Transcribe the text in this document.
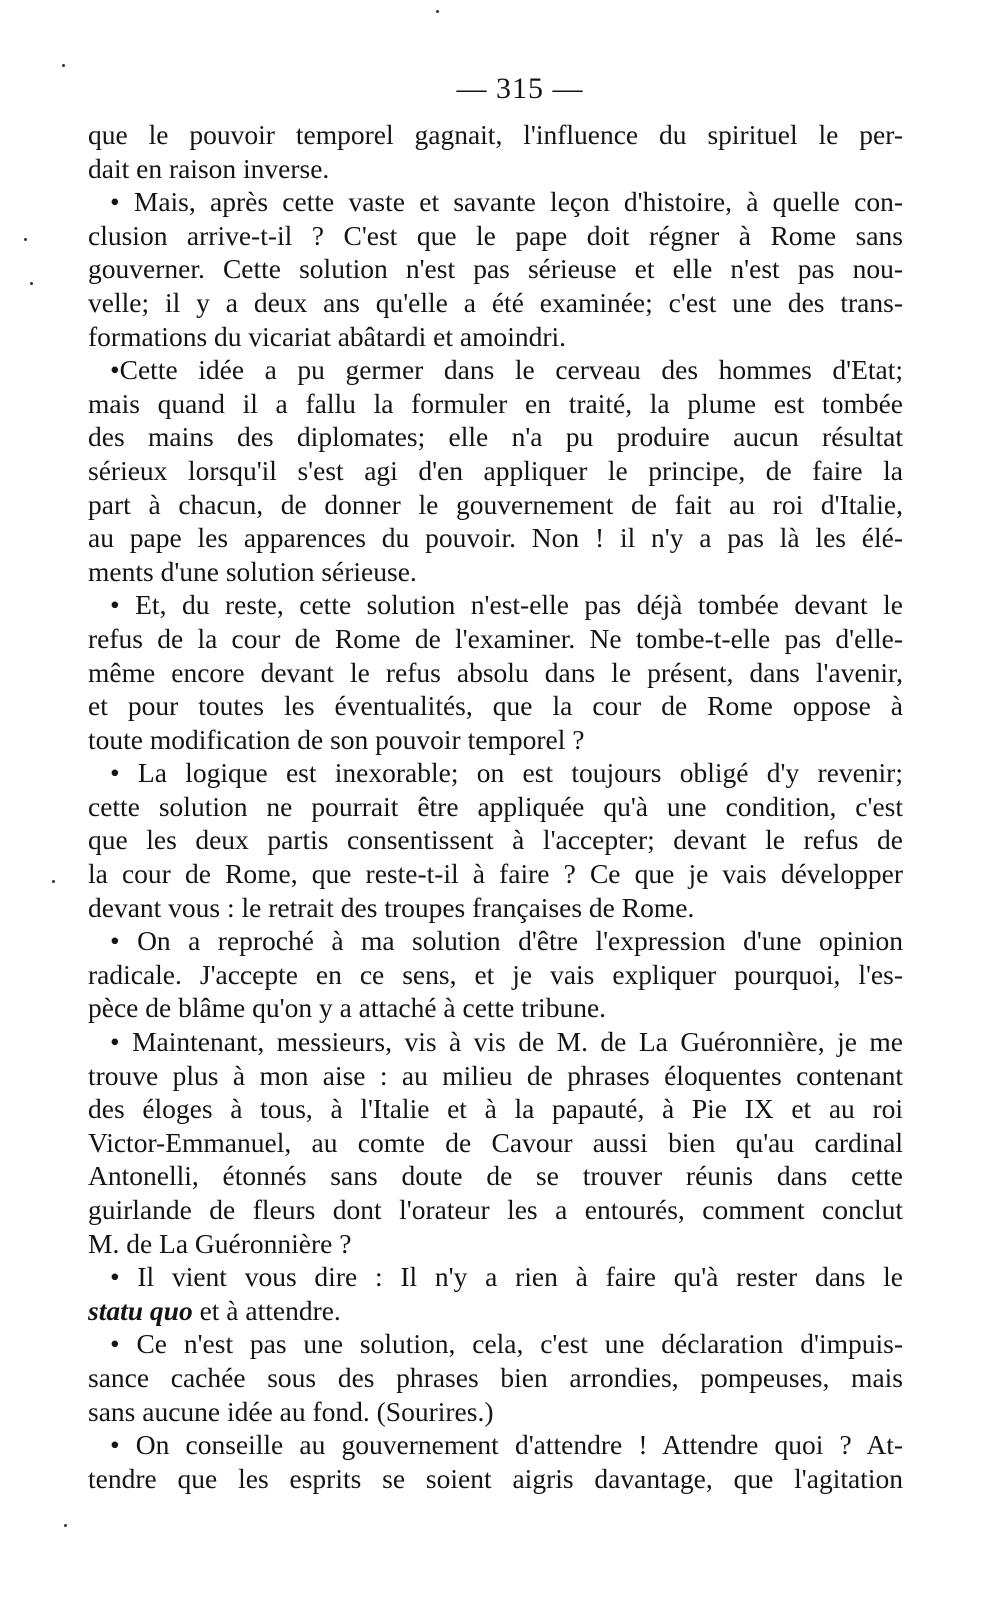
— 315 —
que le pouvoir temporel gagnait, l'influence du spirituel le per-
dait en raison inverse.
• Mais, après cette vaste et savante leçon d'histoire, à quelle con-
clusion arrive-t-il ? C'est que le pape doit régner à Rome sans
gouverner. Cette solution n'est pas sérieuse et elle n'est pas nou-
velle; il y a deux ans qu'elle a été examinée; c'est une des trans-
formations du vicariat abâtardi et amoindri.
•Cette idée a pu germer dans le cerveau des hommes d'Etat;
mais quand il a fallu la formuler en traité, la plume est tombée
des mains des diplomates; elle n'a pu produire aucun résultat
sérieux lorsqu'il s'est agi d'en appliquer le principe, de faire la
part à chacun, de donner le gouvernement de fait au roi d'Italie,
au pape les apparences du pouvoir. Non ! il n'y a pas là les élé-
ments d'une solution sérieuse.
• Et, du reste, cette solution n'est-elle pas déjà tombée devant le
refus de la cour de Rome de l'examiner. Ne tombe-t-elle pas d'elle-
même encore devant le refus absolu dans le présent, dans l'avenir,
et pour toutes les éventualités, que la cour de Rome oppose à
toute modification de son pouvoir temporel ?
• La logique est inexorable; on est toujours obligé d'y revenir;
cette solution ne pourrait être appliquée qu'à une condition, c'est
que les deux partis consentissent à l'accepter; devant le refus de
la cour de Rome, que reste-t-il à faire ? Ce que je vais développer
devant vous : le retrait des troupes françaises de Rome.
• On a reproché à ma solution d'être l'expression d'une opinion
radicale. J'accepte en ce sens, et je vais expliquer pourquoi, l'es-
pèce de blâme qu'on y a attaché à cette tribune.
• Maintenant, messieurs, vis à vis de M. de La Guéronnière, je me
trouve plus à mon aise : au milieu de phrases éloquentes contenant
des éloges à tous, à l'Italie et à la papauté, à Pie IX et au roi
Victor-Emmanuel, au comte de Cavour aussi bien qu'au cardinal
Antonelli, étonnés sans doute de se trouver réunis dans cette
guirlande de fleurs dont l'orateur les a entourés, comment conclut
M. de La Guéronnière ?
• Il vient vous dire : Il n'y a rien à faire qu'à rester dans le
statu quo et à attendre.
• Ce n'est pas une solution, cela, c'est une déclaration d'impuis-
sance cachée sous des phrases bien arrondies, pompeuses, mais
sans aucune idée au fond. (Sourires.)
• On conseille au gouvernement d'attendre ! Attendre quoi ? At-
tendre que les esprits se soient aigris davantage, que l'agitation
